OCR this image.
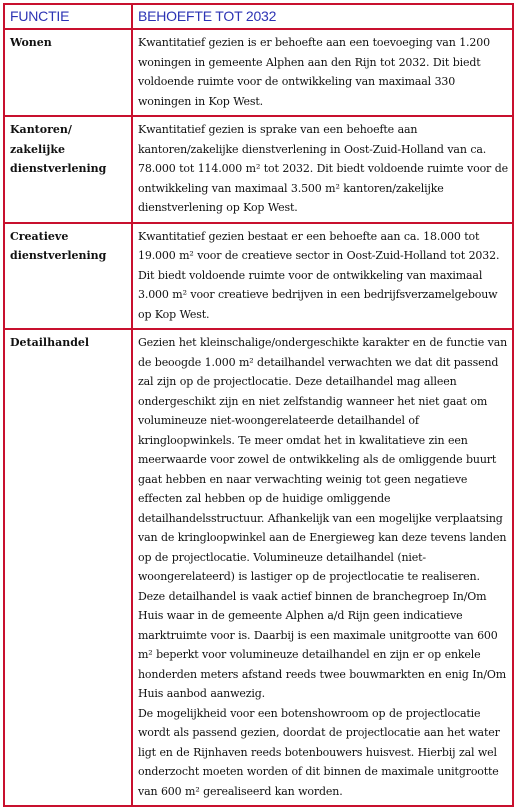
FUNCTIE	BEHOEFTE TOT 2032
Wonen	Kwantitatief gezien is er behoefte aan een toevoeging van 1.200 woningen in gemeente Alphen aan den Rijn tot 2032. Dit biedt voldoende ruimte voor de ontwikkeling van maximaal 330 woningen in Kop West.

Kantoren/ zakelijke dienstverlening	Kwantitatief gezien is sprake van een behoefte aan kantoren/zakelijke dienstverlening in Oost-Zuid-Holland van ca. 78.000 tot 114.000 m² tot 2032. Dit biedt voldoende ruimte voor de ontwikkeling van maximaal 3.500 m² kantoren/zakelijke dienstverlening op Kop West.

Creatieve dienstverlening	Kwantitatief gezien bestaat er een behoefte aan ca. 18.000 tot 19.000 m² voor de creatieve sector in Oost-Zuid-Holland tot 2032. Dit biedt voldoende ruimte voor de ontwikkeling van maximaal 3.000 m² voor creatieve bedrijven in een bedrijfsverzamelgebouw op Kop West.

Detailhandel	Gezien het kleinschalige/ondergeschikte karakter en de functie van de beoogde 1.000 m² detailhandel verwachten we dat dit passend zal zijn op de projectlocatie. Deze detailhandel mag alleen ondergeschikt zijn en niet zelfstandig wanneer het niet gaat om volumineuze niet-woongerelateerde detailhandel of kringloopwinkels. Te meer omdat het in kwalitatieve zin een meerwaarde voor zowel de ontwikkeling als de omliggende buurt gaat hebben en naar verwachting weinig tot geen negatieve effecten zal hebben op de huidige omliggende detailhandelsstructuur. Afhankelijk van een mogelijke verplaatsing van de kringloopwinkel aan de Energieweg kan deze tevens landen op de projectlocatie. Volumineuze detailhandel (niet-woongerelateerd) is lastiger op de projectlocatie te realiseren. Deze detailhandel is vaak actief binnen de branchegroep In/Om Huis waar in de gemeente Alphen a/d Rijn geen indicatieve marktruimte voor is. Daarbij is een maximale unitgrootte van 600 m² beperkt voor volumineuze detailhandel en zijn er op enkele honderden meters afstand reeds twee bouwmarkten en enig In/Om Huis aanbod aanwezig.
De mogelijkheid voor een botenshowroom op de projectlocatie wordt als passend gezien, doordat de projectlocatie aan het water ligt en de Rijnhaven reeds botenbouwers huisvest. Hierbij zal wel onderzocht moeten worden of dit binnen de maximale unitgrootte van 600 m² gerealiseerd kan worden.
